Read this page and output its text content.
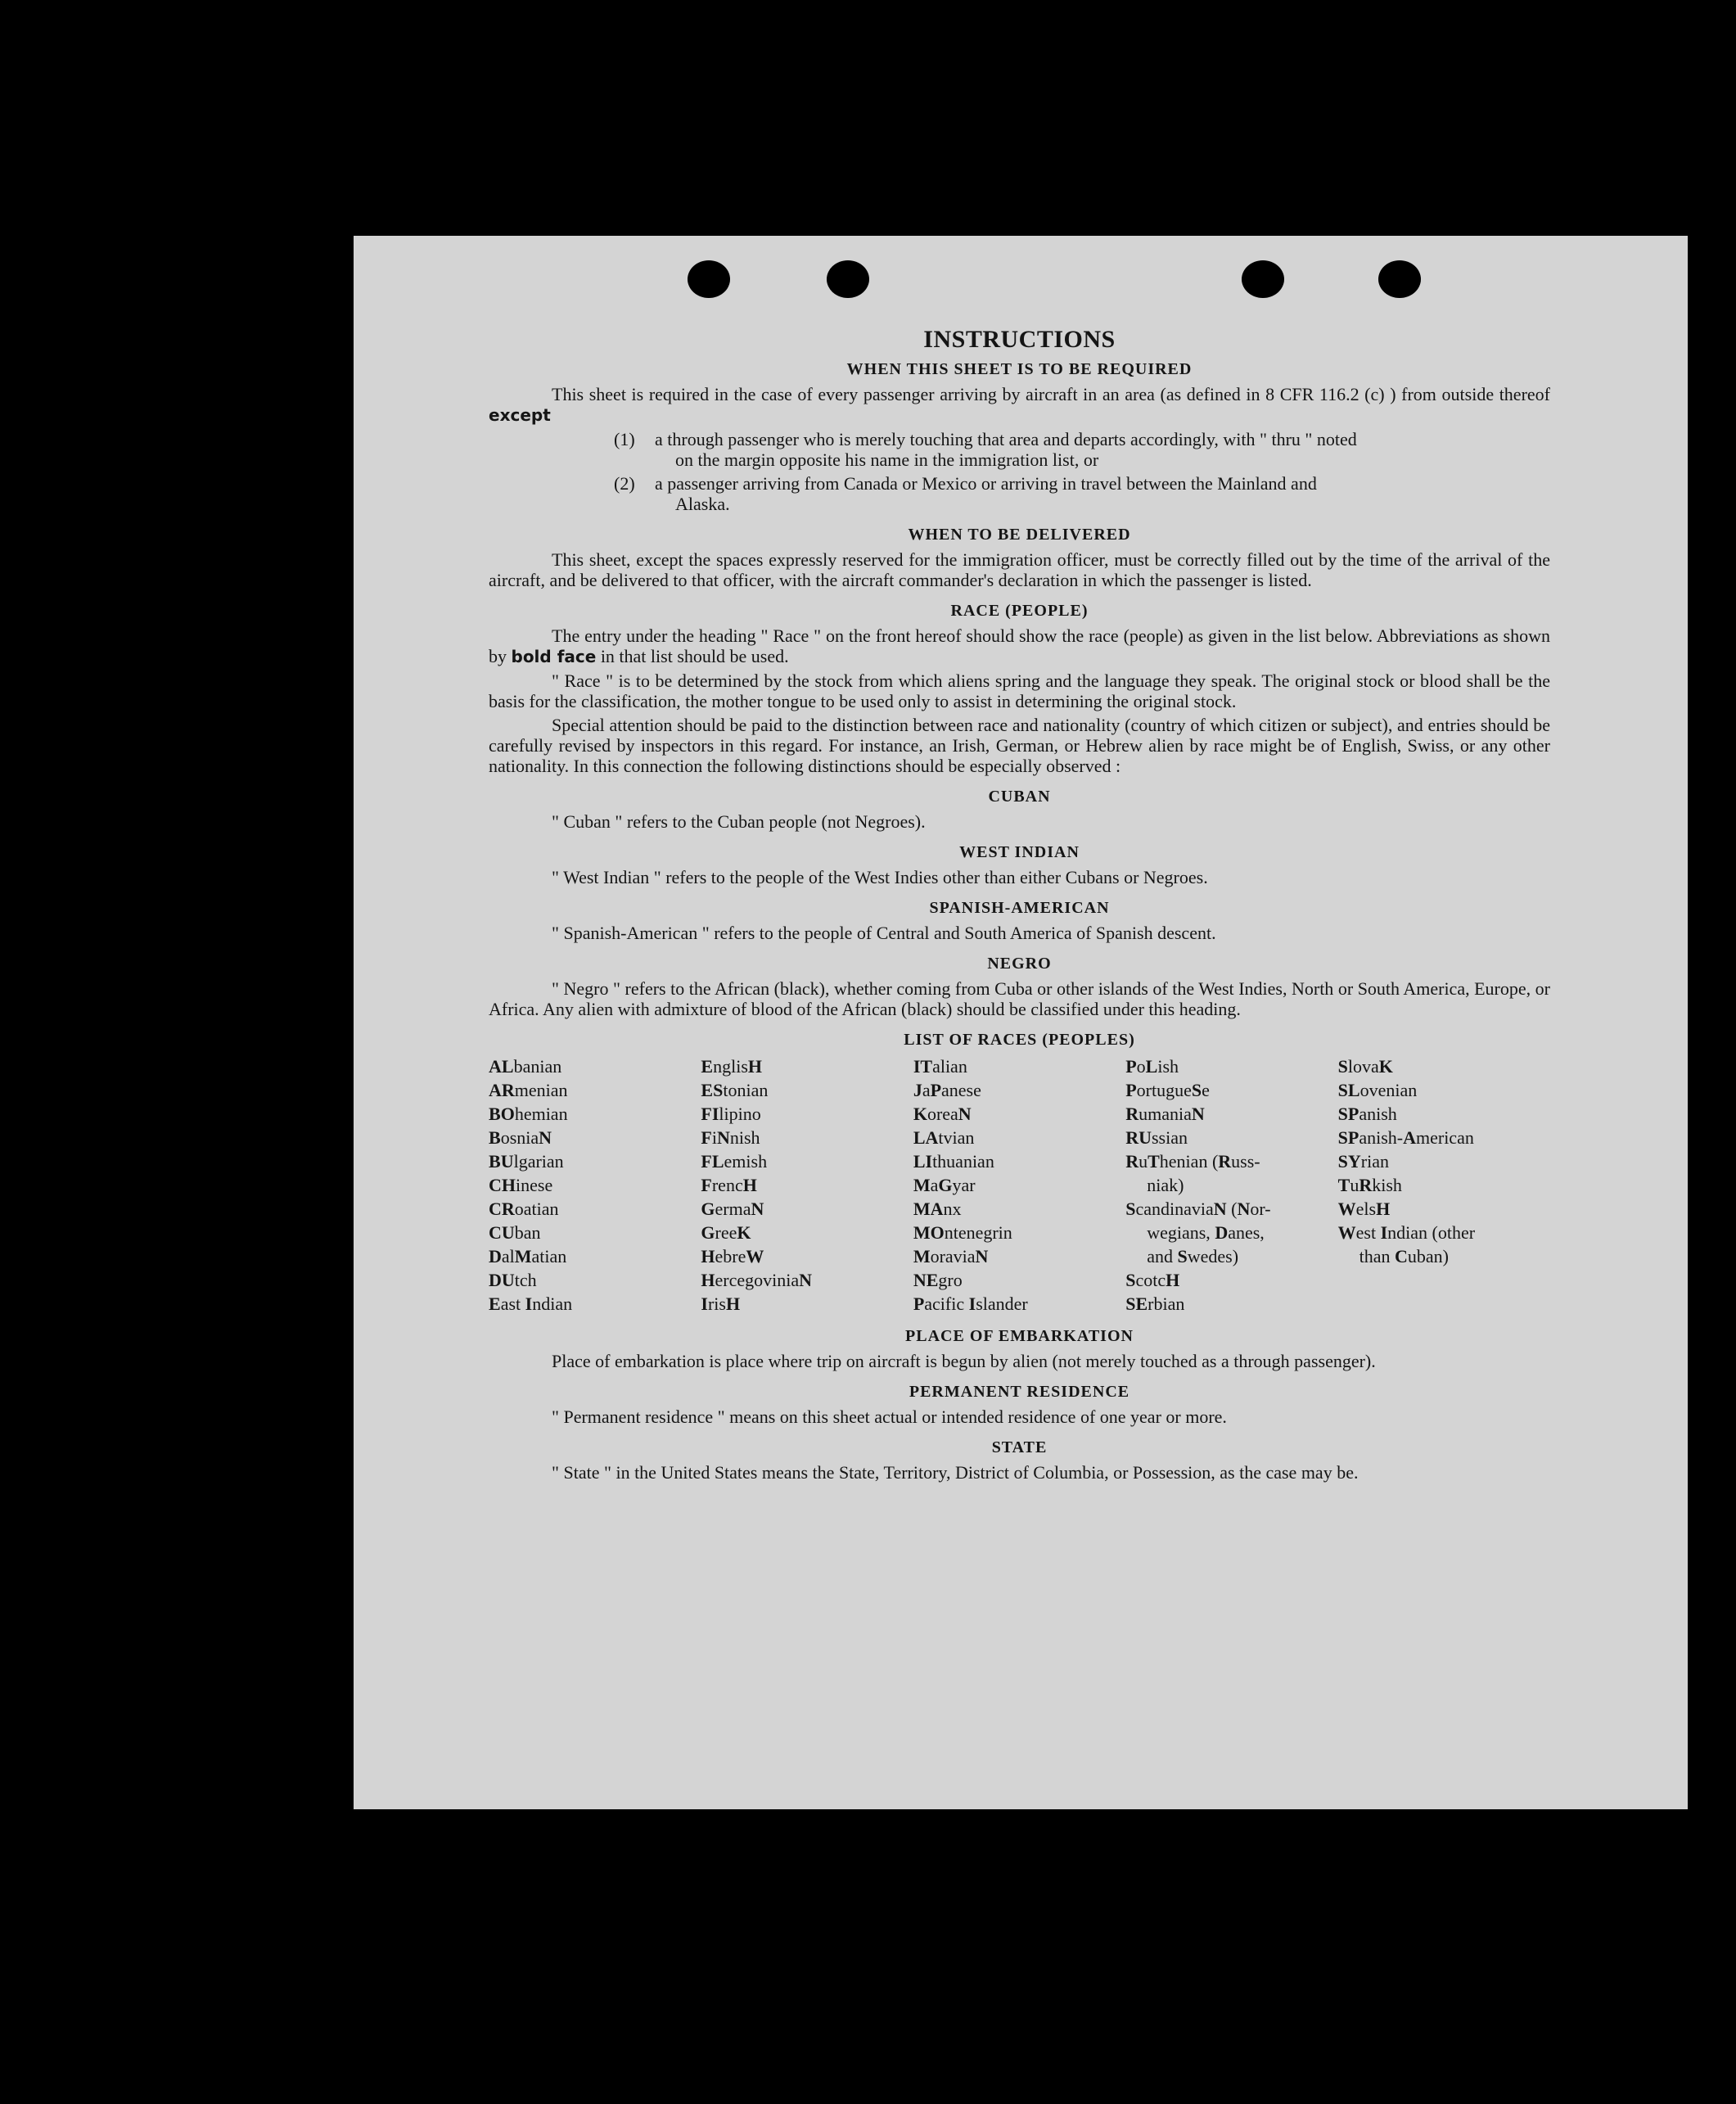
INSTRUCTIONS
WHEN THIS SHEET IS TO BE REQUIRED

This sheet is required in the case of every passenger arriving by aircraft in an area (as defined in 8 CFR 116.2 (c) ) from outside thereof except

(1)	a through passenger who is merely touching that area and departs accordingly, with " thru " noted
on the margin opposite his name in the immigration list, or
(2)	a passenger arriving from Canada or Mexico or arriving in travel between the Mainland and
Alaska.
WHEN TO BE DELIVERED

This sheet, except the spaces expressly reserved for the immigration officer, must be correctly filled out by the time of the arrival of the aircraft, and be delivered to that officer, with the aircraft commander's declaration in which the passenger is listed.

RACE (PEOPLE)

The entry under the heading " Race " on the front hereof should show the race (people) as given in the list below. Abbreviations as shown by bold face in that list should be used.

" Race " is to be determined by the stock from which aliens spring and the language they speak. The original stock or blood shall be the basis for the classification, the mother tongue to be used only to assist in determining the original stock.

Special attention should be paid to the distinction between race and nationality (country of which citizen or subject), and entries should be carefully revised by inspectors in this regard. For instance, an Irish, German, or Hebrew alien by race might be of English, Swiss, or any other nationality. In this connection the following distinctions should be especially observed :

CUBAN

" Cuban " refers to the Cuban people (not Negroes).

WEST INDIAN

" West Indian " refers to the people of the West Indies other than either Cubans or Negroes.

SPANISH-AMERICAN

" Spanish-American " refers to the people of Central and South America of Spanish descent.

NEGRO

" Negro " refers to the African (black), whether coming from Cuba or other islands of the West Indies, North or South America, Europe, or Africa. Any alien with admixture of blood of the African (black) should be classified under this heading.

LIST OF RACES (PEOPLES)
ALbanian
ARmenian
BOhemian
BosniaN
BUlgarian
CHinese
CRoatian
CUban
DalMatian
DUtch
East Indian
EnglisH
EStonian
FIlipino
FiNnish
FLemish
FrencH
GermaN
GreeK
HebreW
HercegoviniaN
IrisH
ITalian
JaPanese
KoreaN
LAtvian
LIthuanian
MaGyar
MAnx
MOntenegrin
MoraviaN
NEgro
Pacific Islander
PoLish
PortugueSe
RumaniaN
RUssian
RuThenian (Russ-
niak)
ScandinaviaN (Nor-
wegians, Danes,
and Swedes)
ScotcH
SErbian
SlovaK
SLovenian
SPanish
SPanish-American
SYrian
TuRkish
WelsH
West Indian (other
than Cuban)
PLACE OF EMBARKATION

Place of embarkation is place where trip on aircraft is begun by alien (not merely touched as a through passenger).

PERMANENT RESIDENCE

" Permanent residence " means on this sheet actual or intended residence of one year or more.

STATE

" State " in the United States means the State, Territory, District of Columbia, or Possession, as the case may be.
